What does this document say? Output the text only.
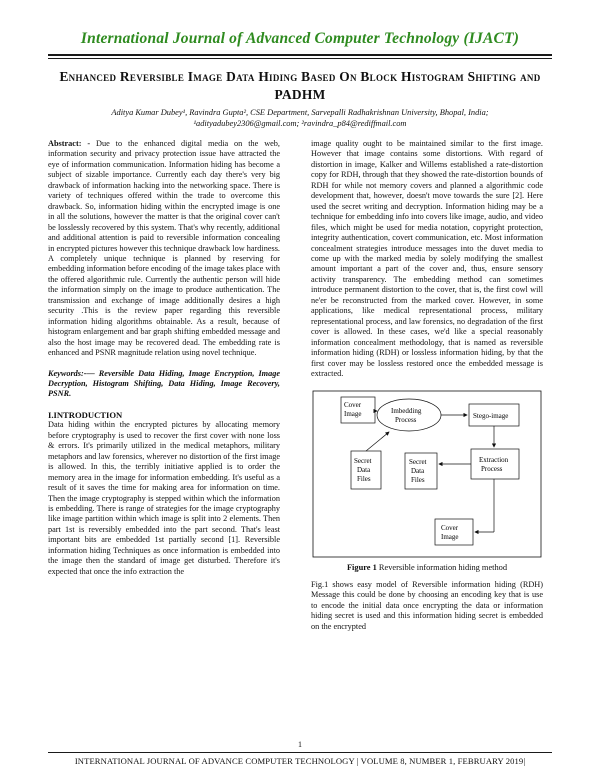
International Journal of Advanced Computer Technology (IJACT)
Enhanced Reversible Image Data Hiding Based On Block Histogram Shifting and PADHM
Aditya Kumar Dubey¹, Ravindra Gupta², CSE Department, Sarvepalli Radhakrishnan University, Bhopal, India;
¹adityadubey2306@gmail.com; ²ravindra_p84@rediffmail.com

Abstract: - Due to the enhanced digital media on the web, information security and privacy protection issue have attracted the eye of information communication. Information hiding has become a subject of sizable importance. Currently each day there's very big drawback of information hacking into the networking space. There is variety of techniques offered within the trade to overcome this drawback. So, information hiding within the encrypted image is one in all the solutions, however the matter is that the original cover can't be losslessly recovered by this system. That's why recently, additional and additional attention is paid to reversible information concealing in encrypted pictures however this technique drawback low hardiness. A completely unique technique is planned by reserving for embedding information before encoding of the image takes place with the offered algorithmic rule. Currently the authentic person will hide the information simply on the image to produce authentication. The transmission and exchange of image additionally desires a high security .This is the review paper regarding this reversible information hiding algorithms obtainable. As a result, because of histogram enlargement and bar graph shifting embedded message and also the host image may be recovered dead. The embedding rate is enhanced and PSNR magnitude relation using novel technique.

Keywords:-— Reversible Data Hiding, Image Encryption, Image Decryption, Histogram Shifting, Data Hiding, Image Recovery, PSNR.

I.INTRODUCTION

Data hiding within the encrypted pictures by allocating memory before cryptography is used to recover the first cover with none loss & errors. It's primarily utilized in the medical metaphors, military metaphors and law forensics, wherever no distortion of the first image is allowed. In this, the terribly initiative applied is to order the memory area in the image for information embedding. It's useful as a result of it saves the time for making area for information on time. Then the image cryptography is stepped within which the information is embedding. There is range of strategies for the image cryptography like image partition within which image is split into 2 elements. Then part 1st is reversibly embedded into the part second. That's least important bits are embedded 1st partially second [1]. Reversible information hiding Techniques as once information is embedded into the image then the standard of image get disturbed. Therefore it's expected that once the info extraction the

image quality ought to be maintained similar to the first image. However that image contains some distortions. With regard of distortion in image, Kalker and Willems established a rate-distortion copy for RDH, through that they showed the rate-distortion bounds of RDH for while not memory covers and planned a algorithmic code development that, however, doesn't move towards the sure [2]. Here used the secret writing and decryption. Information hiding may be a technique for embedding info into covers like image, audio, and video files, which might be used for media notation, copyright protection, integrity authentication, covert communication, etc. Most information concealment strategies introduce messages into the duvet media to come up with the marked media by solely modifying the smallest amount important a part of the cover and, thus, ensure sensory activity transparency. The embedding method can sometimes introduce permanent distortion to the cover, that is, the first cowl will ne'er be reconstructed from the marked cover. However, in some applications, like medical representational process, military representational process, and law forensics, no degradation of the first cover is allowed. In these cases, we'd like a special reasonably information concealment methodology, that is named as reversible information hiding (RDH) or lossless information hiding, by that the first cover may be lossless restored once the embedded message is extracted.

Cover Image	Imbedding Process	Stego-image
Secret Data Files
Secret Data Files
Extraction Process
Cover Image

Figure 1 Reversible information hiding method

Fig.1 shows easy model of Reversible information hiding (RDH) Message this could be done by choosing an encoding key that is use to encode the initial data once encrypting the data or information hiding secret is used and this information hiding secret is embedded on the encrypted

1
INTERNATIONAL JOURNAL OF ADVANCE COMPUTER TECHNOLOGY | VOLUME 8, NUMBER 1, FEBRUARY 2019|
